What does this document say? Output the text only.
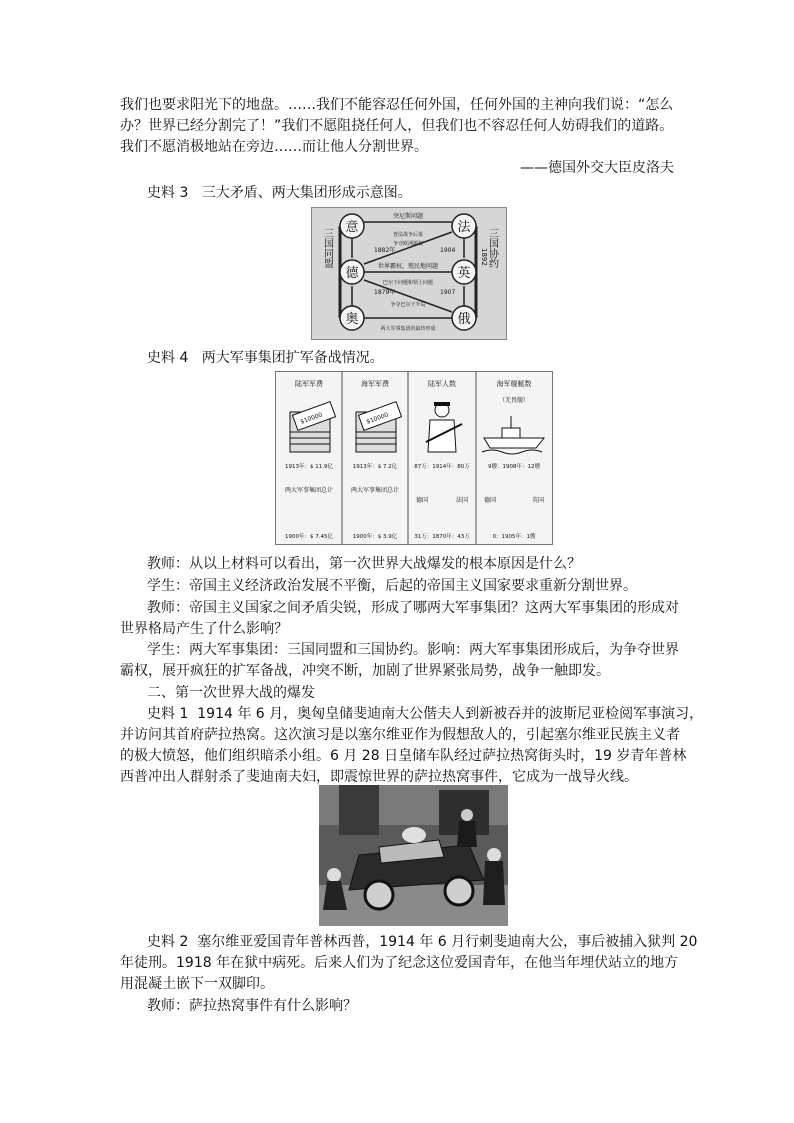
我们也要求阳光下的地盘。……我们不能容忍任何外国，任何外国的主神向我们说：“怎么
办？世界已经分割完了！”我们不愿阻挠任何人，但我们也不容忍任何人妨碍我们的道路。
我们不愿消极地站在旁边……而让他人分割世界。
——德国外交大臣皮洛夫
史料 3 三大矛盾、两大集团形成示意图。
意	法
德	英
奥	俄
三国同盟	三国协约
1892
突尼斯问题
普法战争后果
争夺欧洲霸权
1882年	1904
世界霸权，殖民地问题
巴尔干问题和领土问题
1879年	1907
争夺巴尔干半岛
两大军事集团的最终形成
史料 4 两大军事集团扩军备战情况。
陆军军费	海军军费	陆军人数	海军舰艇数
（无畏舰）
$10000	$10000
1913年：$ 11.9亿	1913年：$ 7.2亿	87万：1914年：80万	9艘：1908年：12艘
两大军事集团总计	两大军事集团总计
德国	法国	德国	英国
1900年：$ 7.45亿	1900年：$ 3.9亿	31万：1870年：43万	0：1905年：1艘
教师：从以上材料可以看出，第一次世界大战爆发的根本原因是什么？
学生：帝国主义经济政治发展不平衡，后起的帝国主义国家要求重新分割世界。
教师：帝国主义国家之间矛盾尖锐，形成了哪两大军事集团？这两大军事集团的形成对
世界格局产生了什么影响？
学生：两大军事集团：三国同盟和三国协约。影响：两大军事集团形成后，为争夺世界
霸权，展开疯狂的扩军备战，冲突不断，加剧了世界紧张局势，战争一触即发。
二、第一次世界大战的爆发
史料 1 1914 年 6 月，奥匈皇储斐迪南大公偕夫人到新被吞并的波斯尼亚检阅军事演习，
并访问其首府萨拉热窝。这次演习是以塞尔维亚作为假想敌人的，引起塞尔维亚民族主义者
的极大愤怒，他们组织暗杀小组。6 月 28 日皇储车队经过萨拉热窝街头时，19 岁青年普林
西普冲出人群射杀了斐迪南夫妇，即震惊世界的萨拉热窝事件，它成为一战导火线。
史料 2 塞尔维亚爱国青年普林西普，1914 年 6 月行刺斐迪南大公，事后被捕入狱判 20
年徒刑。1918 年在狱中病死。后来人们为了纪念这位爱国青年，在他当年埋伏站立的地方
用混凝土嵌下一双脚印。
教师：萨拉热窝事件有什么影响？
